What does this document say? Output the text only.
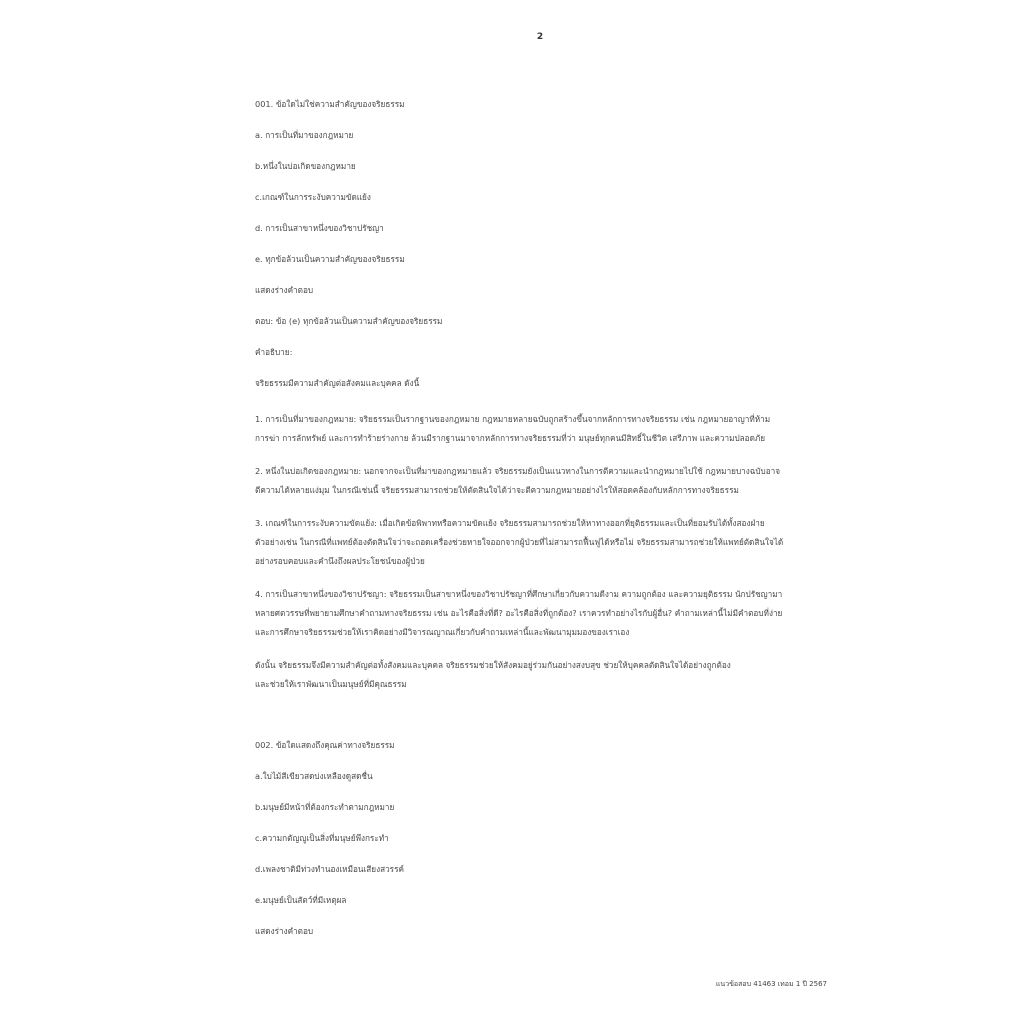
2
001. ข้อใดไม่ใช่ความสำคัญของจริยธรรม
a. การเป็นที่มาของกฎหมาย
b.หนึ่งในบ่อเกิดของกฎหมาย
c.เกณฑ์ในการระงับความขัดแย้ง
d. การเป็นสาขาหนึ่งของวิชาปรัชญา
e. ทุกข้อล้วนเป็นความสำคัญของจริยธรรม
แสดงร่างคำตอบ
ตอบ: ข้อ (e) ทุกข้อล้วนเป็นความสำคัญของจริยธรรม
คำอธิบาย:
จริยธรรมมีความสำคัญต่อสังคมและบุคคล ดังนี้
1. การเป็นที่มาของกฎหมาย: จริยธรรมเป็นรากฐานของกฎหมาย กฎหมายหลายฉบับถูกสร้างขึ้นจากหลักการทางจริยธรรม เช่น กฎหมายอาญาที่ห้าม
การฆ่า การลักทรัพย์ และการทำร้ายร่างกาย ล้วนมีรากฐานมาจากหลักการทางจริยธรรมที่ว่า มนุษย์ทุกคนมีสิทธิ์ในชีวิต เสรีภาพ และความปลอดภัย
2. หนึ่งในบ่อเกิดของกฎหมาย: นอกจากจะเป็นที่มาของกฎหมายแล้ว จริยธรรมยังเป็นแนวทางในการตีความและนำกฎหมายไปใช้ กฎหมายบางฉบับอาจ
ตีความได้หลายแง่มุม ในกรณีเช่นนี้ จริยธรรมสามารถช่วยให้ตัดสินใจได้ว่าจะตีความกฎหมายอย่างไรให้สอดคล้องกับหลักการทางจริยธรรม
3. เกณฑ์ในการระงับความขัดแย้ง: เมื่อเกิดข้อพิพาทหรือความขัดแย้ง จริยธรรมสามารถช่วยให้หาทางออกที่ยุติธรรมและเป็นที่ยอมรับได้ทั้งสองฝ่าย
ตัวอย่างเช่น ในกรณีที่แพทย์ต้องตัดสินใจว่าจะถอดเครื่องช่วยหายใจออกจากผู้ป่วยที่ไม่สามารถฟื้นฟูได้หรือไม่ จริยธรรมสามารถช่วยให้แพทย์ตัดสินใจได้
อย่างรอบคอบและคำนึงถึงผลประโยชน์ของผู้ป่วย
4. การเป็นสาขาหนึ่งของวิชาปรัชญา: จริยธรรมเป็นสาขาหนึ่งของวิชาปรัชญาที่ศึกษาเกี่ยวกับความดีงาม ความถูกต้อง และความยุติธรรม นักปรัชญามา
หลายศตวรรษที่พยายามศึกษาคำถามทางจริยธรรม เช่น อะไรคือสิ่งที่ดี? อะไรคือสิ่งที่ถูกต้อง? เราควรทำอย่างไรกับผู้อื่น? คำถามเหล่านี้ไม่มีคำตอบที่ง่าย
และการศึกษาจริยธรรมช่วยให้เราคิดอย่างมีวิจารณญาณเกี่ยวกับคำถามเหล่านี้และพัฒนามุมมองของเราเอง
ดังนั้น จริยธรรมจึงมีความสำคัญต่อทั้งสังคมและบุคคล จริยธรรมช่วยให้สังคมอยู่ร่วมกันอย่างสงบสุข ช่วยให้บุคคลตัดสินใจได้อย่างถูกต้อง
และช่วยให้เราพัฒนาเป็นมนุษย์ที่มีคุณธรรม
002. ข้อใดแสดงถึงคุณค่าทางจริยธรรม
a.ใบไม้สีเขียวสดบ่งเหลืองดูสดชื่น
b.มนุษย์มีหน้าที่ต้องกระทำตามกฎหมาย
c.ความกตัญญูเป็นสิ่งที่มนุษย์พึงกระทำ
d.เพลงชาติมีท่วงทำนองเหมือนเสียงสวรรค์
e.มนุษย์เป็นสัตว์ที่มีเหตุผล
แสดงร่างคำตอบ
แนวข้อสอบ 41463 เทอม 1 ปี 2567
